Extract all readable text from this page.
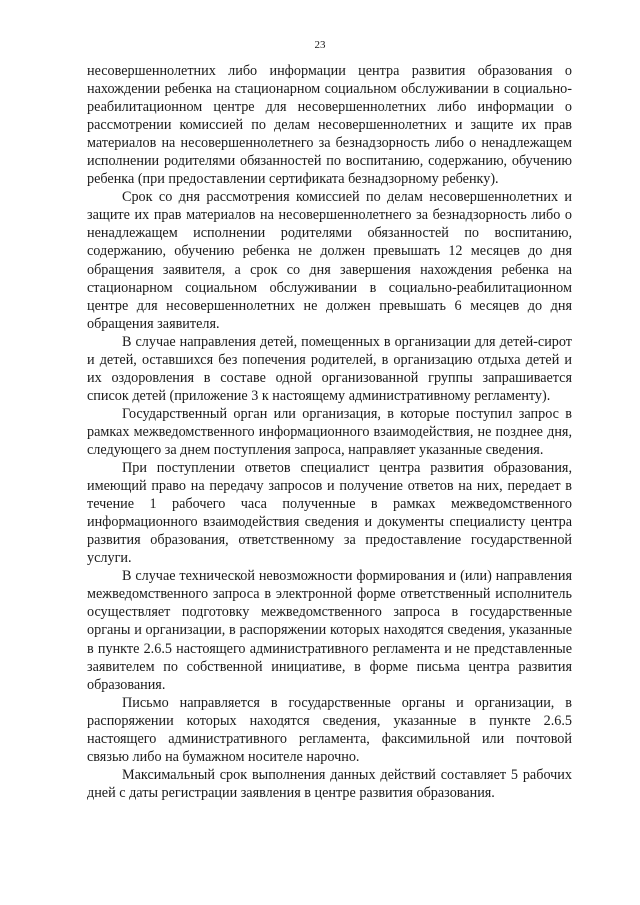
23

несовершеннолетних либо информации центра развития образования о нахождении ребенка на стационарном социальном обслуживании в социально-реабилитационном центре для несовершеннолетних либо информации о рассмотрении комиссией по делам несовершеннолетних и защите их прав материалов на несовершеннолетнего за безнадзорность либо о ненадлежащем исполнении родителями обязанностей по воспитанию, содержанию, обучению ребенка (при предоставлении сертификата безнадзорному ребенку).

Срок со дня рассмотрения комиссией по делам несовершеннолетних и защите их прав материалов на несовершеннолетнего за безнадзорность либо о ненадлежащем исполнении родителями обязанностей по воспитанию, содержанию, обучению ребенка не должен превышать 12 месяцев до дня обращения заявителя, а срок со дня завершения нахождения ребенка на стационарном социальном обслуживании в социально-реабилитационном центре для несовершеннолетних не должен превышать 6 месяцев до дня обращения заявителя.

В случае направления детей, помещенных в организации для детей-сирот и детей, оставшихся без попечения родителей, в организацию отдыха детей и их оздоровления в составе одной организованной группы запрашивается список детей (приложение 3 к настоящему административному регламенту).

Государственный орган или организация, в которые поступил запрос в рамках межведомственного информационного взаимодействия, не позднее дня, следующего за днем поступления запроса, направляет указанные сведения.

При поступлении ответов специалист центра развития образования, имеющий право на передачу запросов и получение ответов на них, передает в течение 1 рабочего часа полученные в рамках межведомственного информационного взаимодействия сведения и документы специалисту центра развития образования, ответственному за предоставление государственной услуги.

В случае технической невозможности формирования и (или) направления межведомственного запроса в электронной форме ответственный исполнитель осуществляет подготовку межведомственного запроса в государственные органы и организации, в распоряжении которых находятся сведения, указанные в пункте 2.6.5 настоящего административного регламента и не представленные заявителем по собственной инициативе, в форме письма центра развития образования.

Письмо направляется в государственные органы и организации, в распоряжении которых находятся сведения, указанные в пункте 2.6.5 настоящего административного регламента, факсимильной или почтовой связью либо на бумажном носителе нарочно.

Максимальный срок выполнения данных действий составляет 5 рабочих дней с даты регистрации заявления в центре развития образования.
